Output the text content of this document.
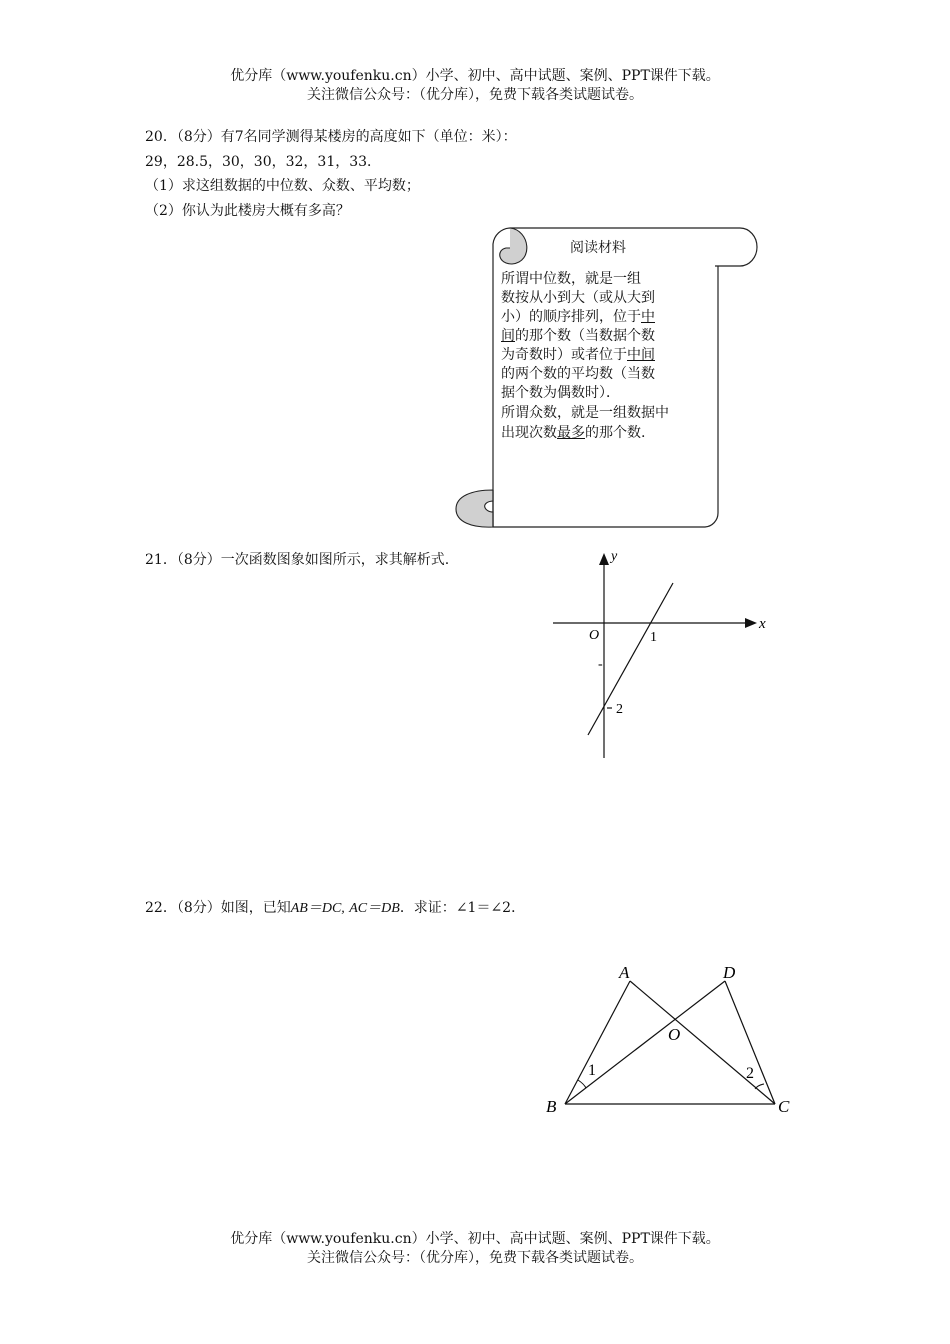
优分库（www.youfenku.cn）小学、初中、高中试题、案例、PPT课件下载。
关注微信公众号：（优分库），免费下载各类试题试卷。
20．（8分）有7名同学测得某楼房的高度如下（单位：米）：
29，28.5，30，30，32，31，33．
（1）求这组数据的中位数、众数、平均数；
（2）你认为此楼房大概有多高？
阅读材料
所谓中位数，就是一组
数按从小到大（或从大到
小）的顺序排列，位于中
间的那个数（当数据个数
为奇数时）或者位于中间
的两个数的平均数（当数
据个数为偶数时）．
所谓众数，就是一组数据中
出现次数最多的那个数.
21．（8分）一次函数图象如图所示，求其解析式.	y
x
O	1
-
2
22．（8分）如图，已知AB＝DC, AC＝DB．求证：∠1＝∠2．
A	D
O
B	C
1	2
优分库（www.youfenku.cn）小学、初中、高中试题、案例、PPT课件下载。
关注微信公众号：（优分库），免费下载各类试题试卷。
